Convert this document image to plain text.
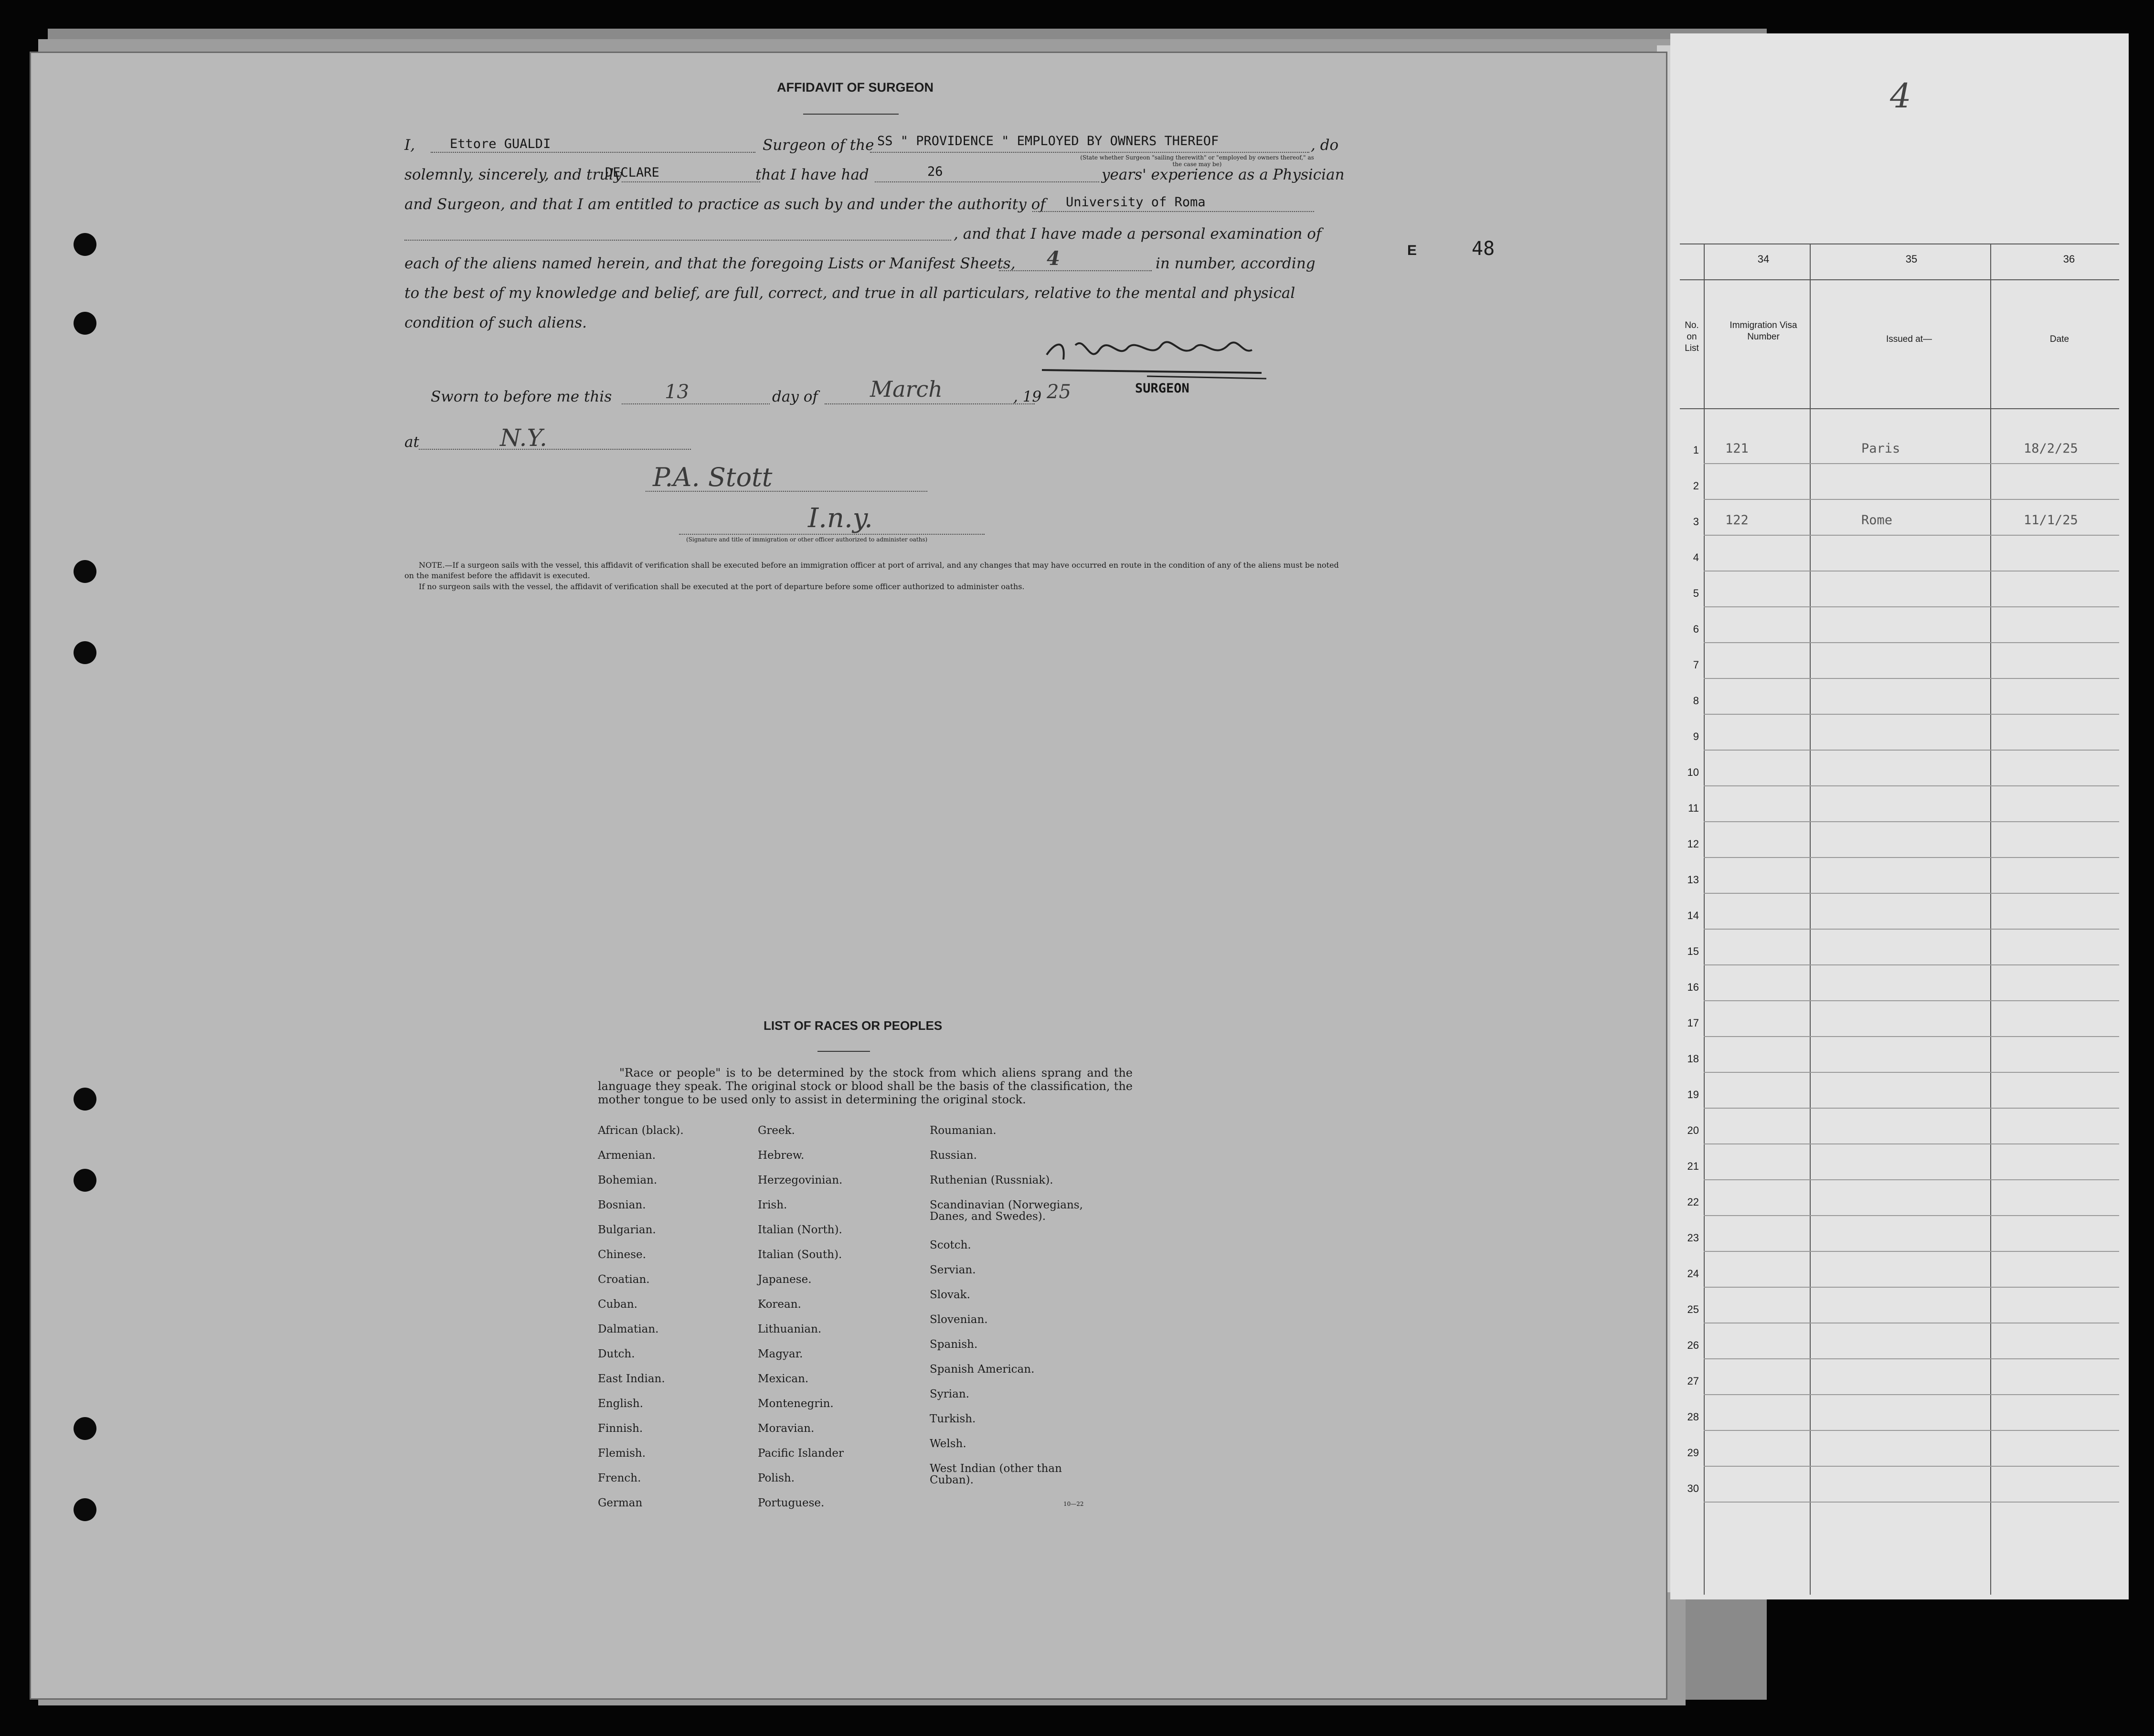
4
34	35	36
No. on List
Immigration Visa Number	Issued at—	Date
1 121	Paris	18/2/25
2
3 122	Rome	11/1/25
4
5
6
7
8
9
10
11
12
13
14
15
16
17
18
19
20
21
22
23
24
25
26
27
28
29
30
AFFIDAVIT OF SURGEON
I,	Ettore GUALDI	Surgeon of the SS " PROVIDENCE " EMPLOYED BY OWNERS THEREOF	, do
(State whether Surgeon "sailing therewith" or "employed by owners thereof," as the case may be)
solemnly, sincerely, and truly
DECLARE	that I have had	26	years' experience as a Physician
and Surgeon, and that I am entitled to practice as such by and under the authority of University of Roma
, and that I have made a personal examination of
each of the aliens named herein, and that the foregoing Lists or Manifest Sheets, 4	in number, according
to the best of my knowledge and belief, are full, correct, and true in all particulars, relative to the mental and physical
condition of such aliens.
SURGEON
Sworn to before me this	13	day of March	, 19 25
at	N.Y.
P.A. Stott
I.n.y.
(Signature and title of immigration or other officer authorized to administer oaths)
NOTE.—If a surgeon sails with the vessel, this affidavit of verification shall be executed before an immigration officer at port of arrival, and any changes that may have occurred en route in the condition of any of the aliens must be noted on the manifest before the affidavit is executed.
If no surgeon sails with the vessel, the affidavit of verification shall be executed at the port of departure before some officer authorized to administer oaths.
E	48
LIST OF RACES OR PEOPLES
"Race or people" is to be determined by the stock from which aliens sprang and the language they speak. The original stock or blood shall be the basis of the classification, the mother tongue to be used only to assist in determining the original stock.
African (black).
Armenian.
Bohemian.
Bosnian.
Bulgarian.
Chinese.
Croatian.
Cuban.
Dalmatian.
Dutch.
East Indian.
English.
Finnish.
Flemish.
French.
German
Greek.
Hebrew.
Herzegovinian.
Irish.
Italian (North).
Italian (South).
Japanese.
Korean.
Lithuanian.
Magyar.
Mexican.
Montenegrin.
Moravian.
Pacific Islander
Polish.
Portuguese.
Roumanian.
Russian.
Ruthenian (Russniak).
Scandinavian (Norwegians, Danes, and Swedes).
Scotch.
Servian.
Slovak.
Slovenian.
Spanish.
Spanish American.
Syrian.
Turkish.
Welsh.
West Indian (other than Cuban).
10—22
